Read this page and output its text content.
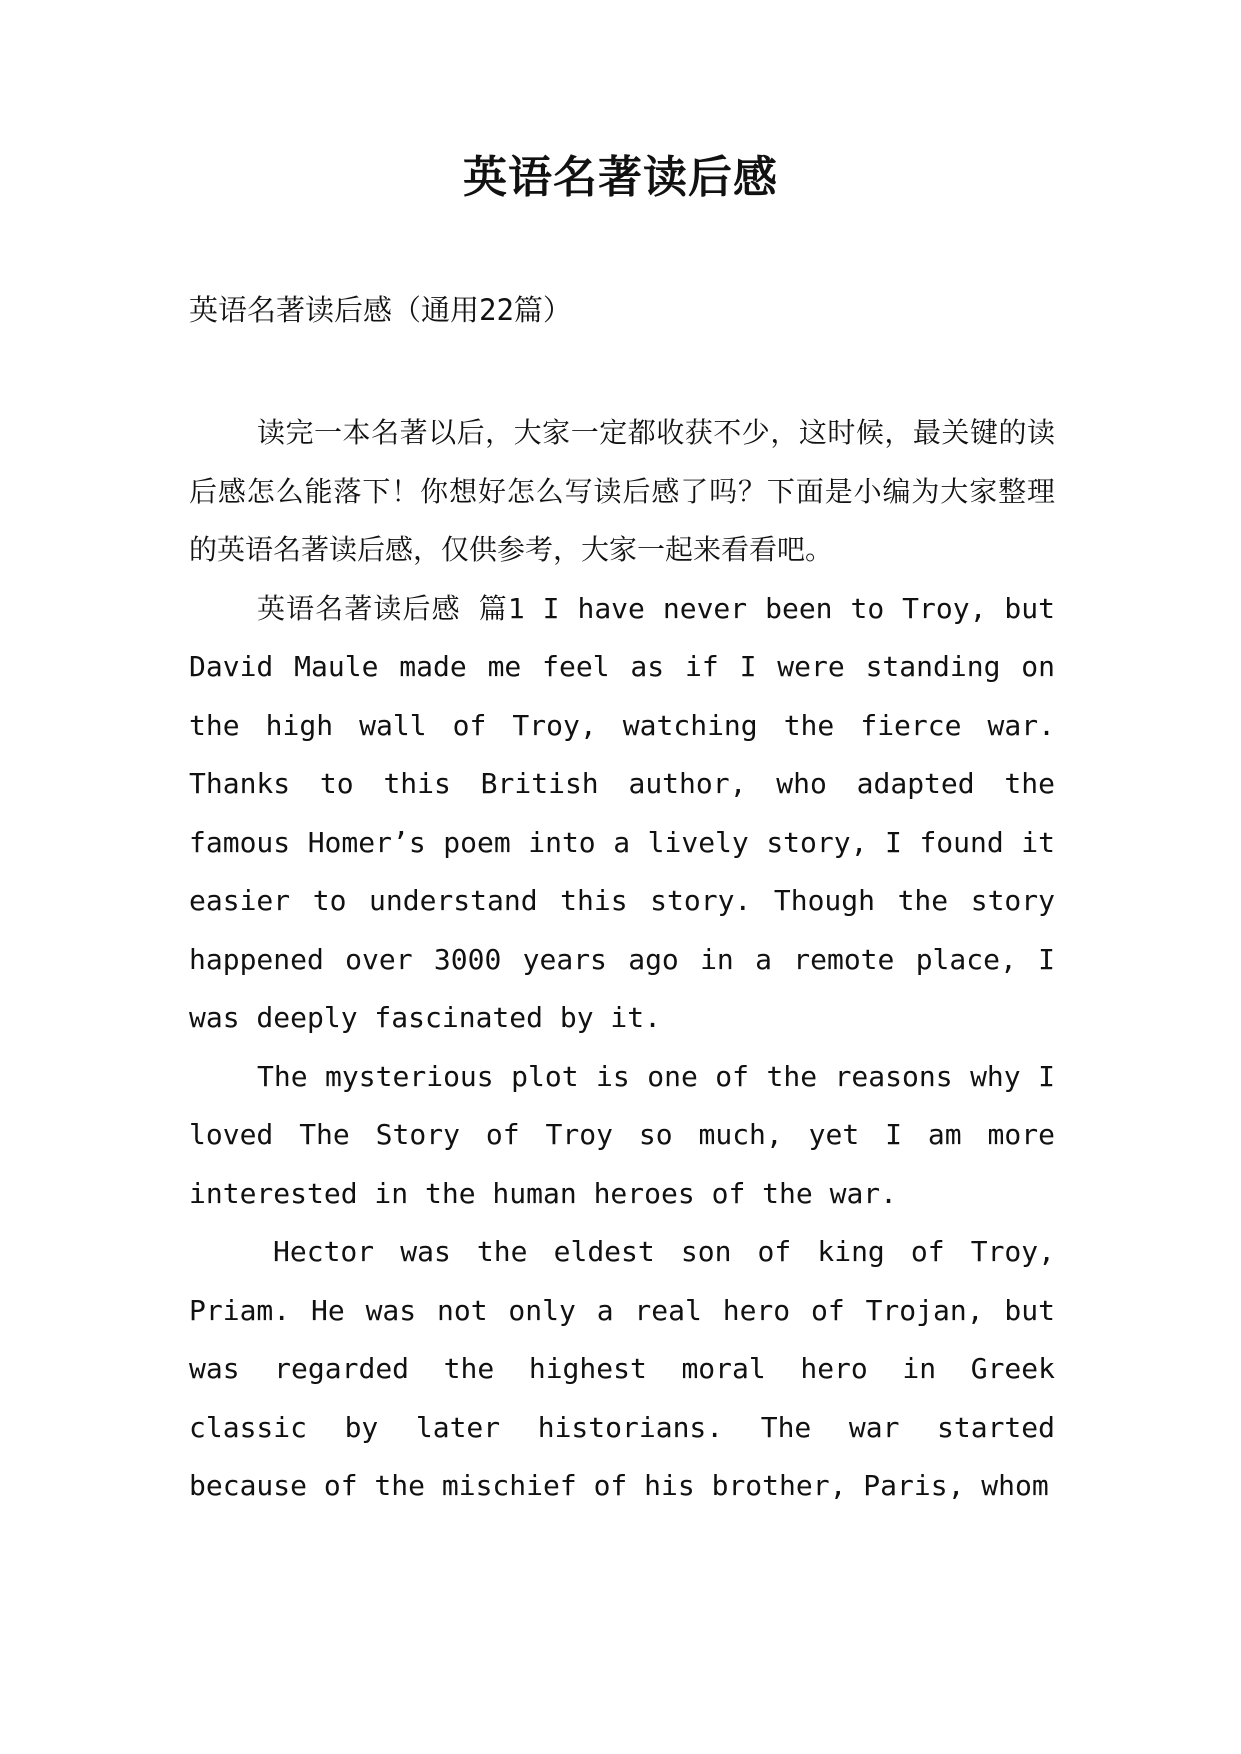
英语名著读后感
英语名著读后感（通用22篇）

读完一本名著以后，大家一定都收获不少，这时候，最关键的读后感怎么能落下！你想好怎么写读后感了吗？下面是小编为大家整理的英语名著读后感，仅供参考，大家一起来看看吧。

英语名著读后感 篇1 I have never been to Troy, but David Maule made me feel as if I were standing on the high wall of Troy, watching the fierce war. Thanks to this British author, who adapted the famous Homer’s poem into a lively story, I found it easier to understand this story. Though the story happened over 3000 years ago in a remote place, I was deeply fascinated by it.

The mysterious plot is one of the reasons why I loved The Story of Troy so much, yet I am more interested in the human heroes of the war.

Hector was the eldest son of king of Troy, Priam. He was not only a real hero of Trojan, but was regarded the highest moral hero in Greek classic by later historians. The war started because of the mischief of his brother, Paris, whom
